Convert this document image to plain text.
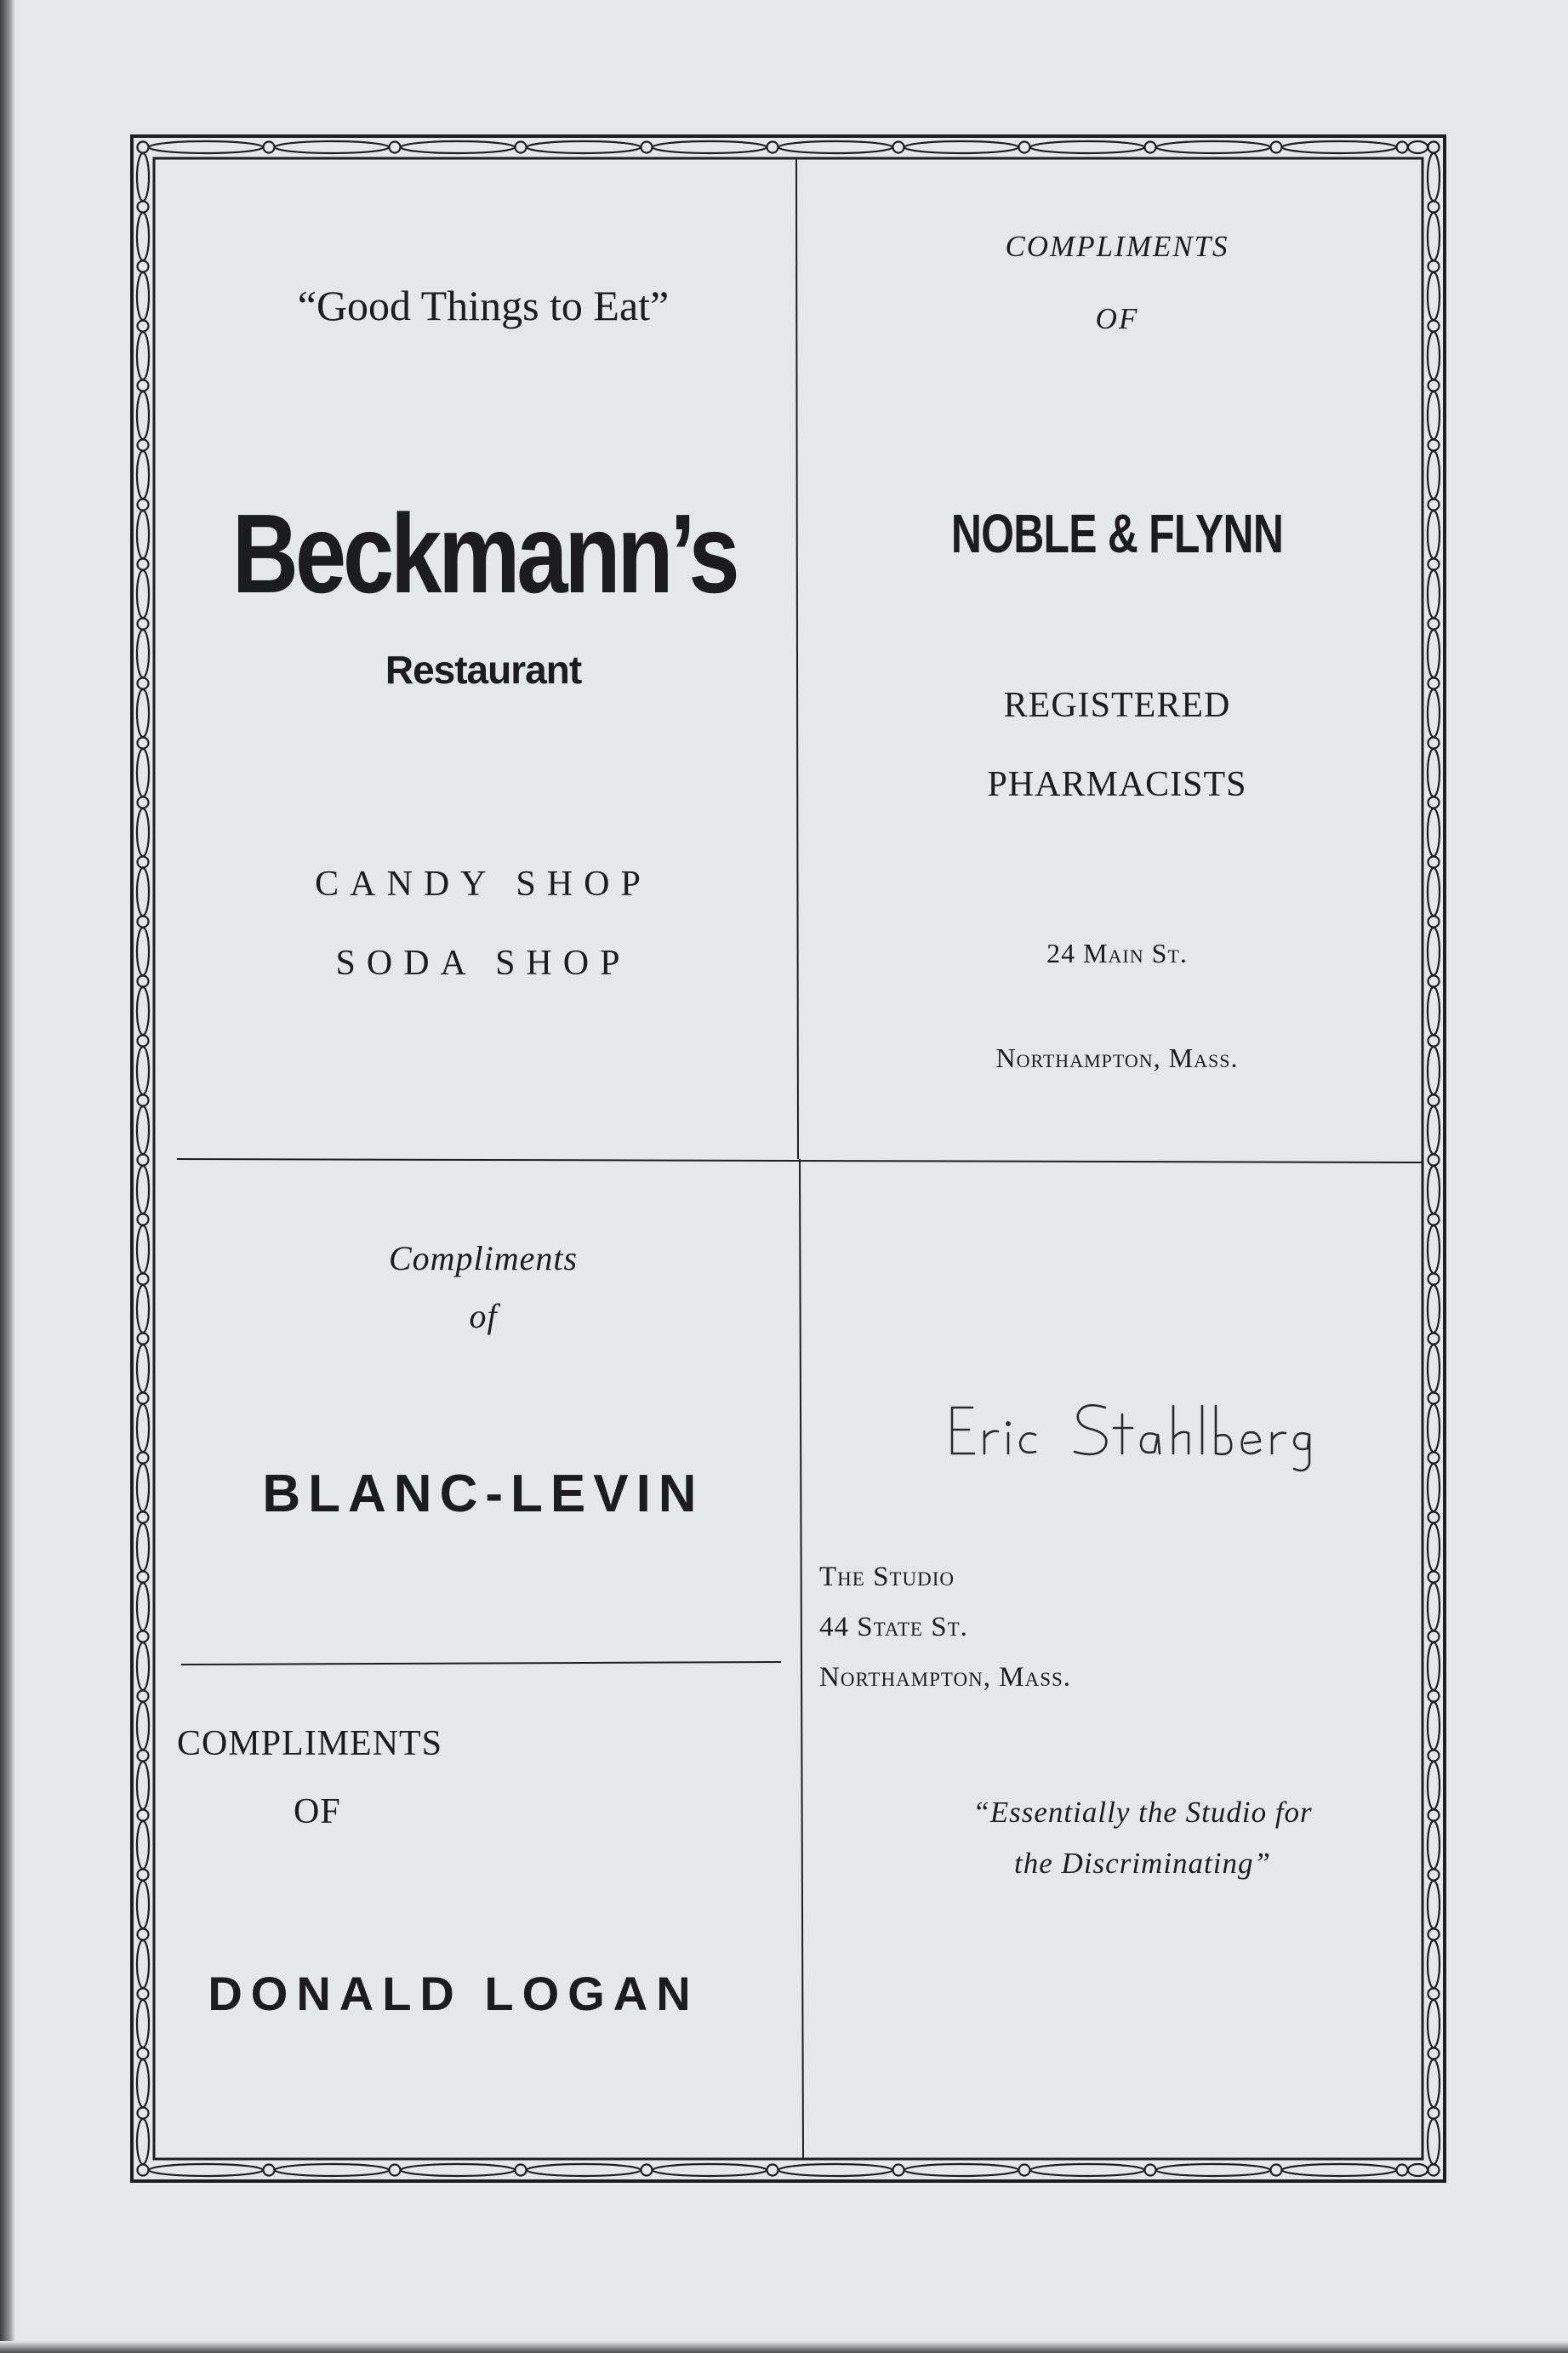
“Good Things to Eat”
Beckmann’s
Restaurant
CANDY SHOP
SODA SHOP
COMPLIMENTS
OF
NOBLE & FLYNN
REGISTERED
PHARMACISTS
24 Main St.
Northampton, Mass.
Compliments
of
BLANC-LEVIN
COMPLIMENTS
OF
DONALD LOGAN
The Studio
44 State St.
Northampton, Mass.
“Essentially the Studio for
the Discriminating”
